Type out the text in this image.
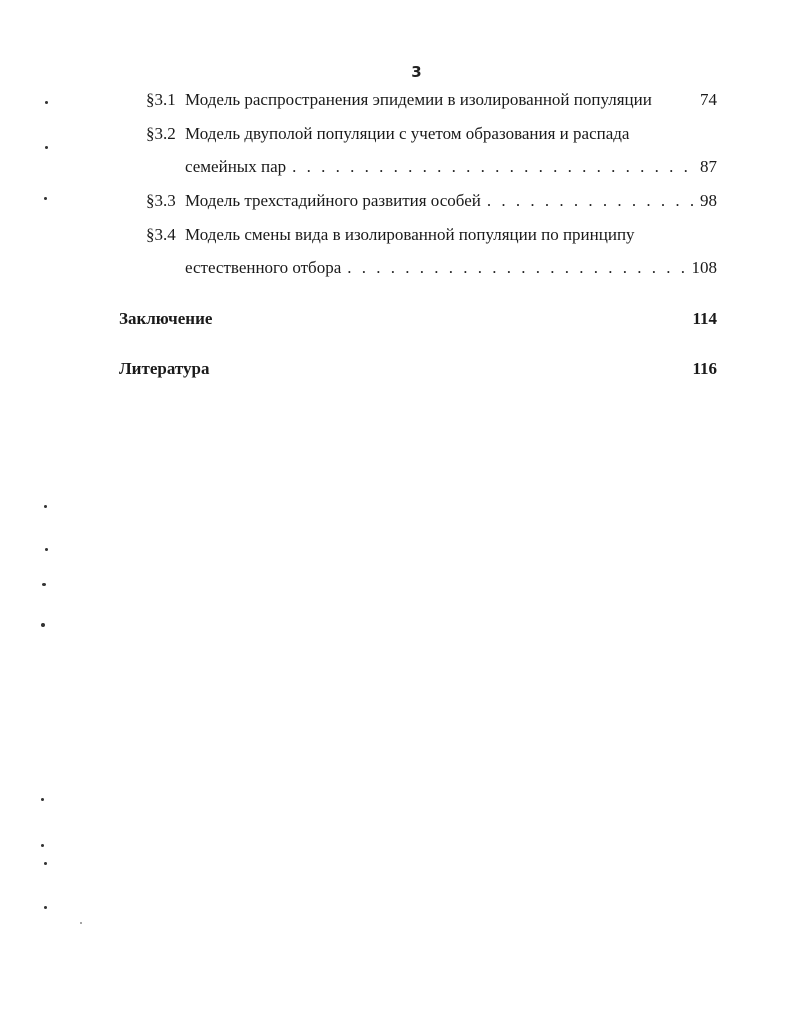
3
§3.1 Модель распространения эпидемии в изолированной популяции	74
§3.2 Модель двуполой популяции с учетом образования и распада
семейных пар . . .	87
§3.3 Модель трехстадийного развития особей . . .	98
§3.4 Модель смены вида в изолированной популяции по принципу
естественного отбора . . .	108
Заключение	114
Литература	116
